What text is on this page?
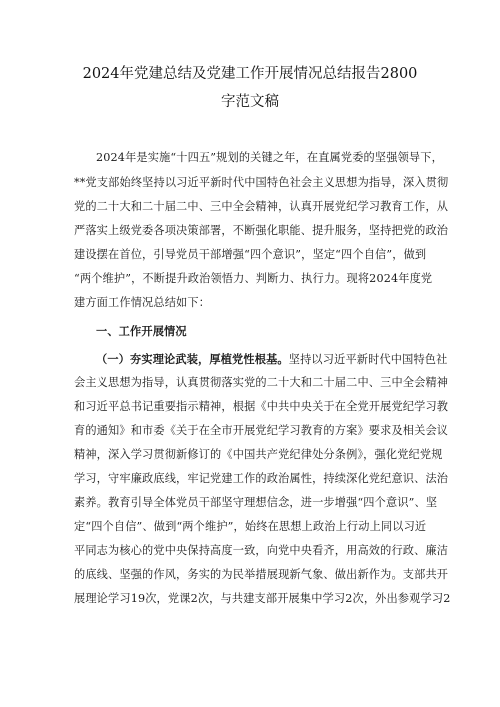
2024年党建总结及党建工作开展情况总结报告2800
字范文稿
2024年是实施“十四五”规划的关键之年，在直属党委的坚强领导下，
**党支部始终坚持以习近平新时代中国特色社会主义思想为指导，深入贯彻
党的二十大和二十届二中、三中全会精神，认真开展党纪学习教育工作，从
严落实上级党委各项决策部署，不断强化职能、提升服务，坚持把党的政治
建设摆在首位，引导党员干部增强“四个意识”，坚定“四个自信”，做到
“两个维护”，不断提升政治领悟力、判断力、执行力。现将2024年度党
建方面工作情况总结如下：
一、工作开展情况
（一）夯实理论武装，厚植党性根基。坚持以习近平新时代中国特色社
会主义思想为指导，认真贯彻落实党的二十大和二十届二中、三中全会精神
和习近平总书记重要指示精神，根据《中共中央关于在全党开展党纪学习教
育的通知》和市委《关于在全市开展党纪学习教育的方案》要求及相关会议
精神，深入学习贯彻新修订的《中国共产党纪律处分条例》，强化党纪党规
学习，守牢廉政底线，牢记党建工作的政治属性，持续深化党纪意识、法治
素养。教育引导全体党员干部坚守理想信念，进一步增强“四个意识”、坚
定“四个自信”、做到“两个维护”，始终在思想上政治上行动上同以习近
平同志为核心的党中央保持高度一致，向党中央看齐，用高效的行政、廉洁
的底线、坚强的作风，务实的为民举措展现新气象、做出新作为。支部共开
展理论学习19次，党课2次，与共建支部开展集中学习2次，外出参观学习2
